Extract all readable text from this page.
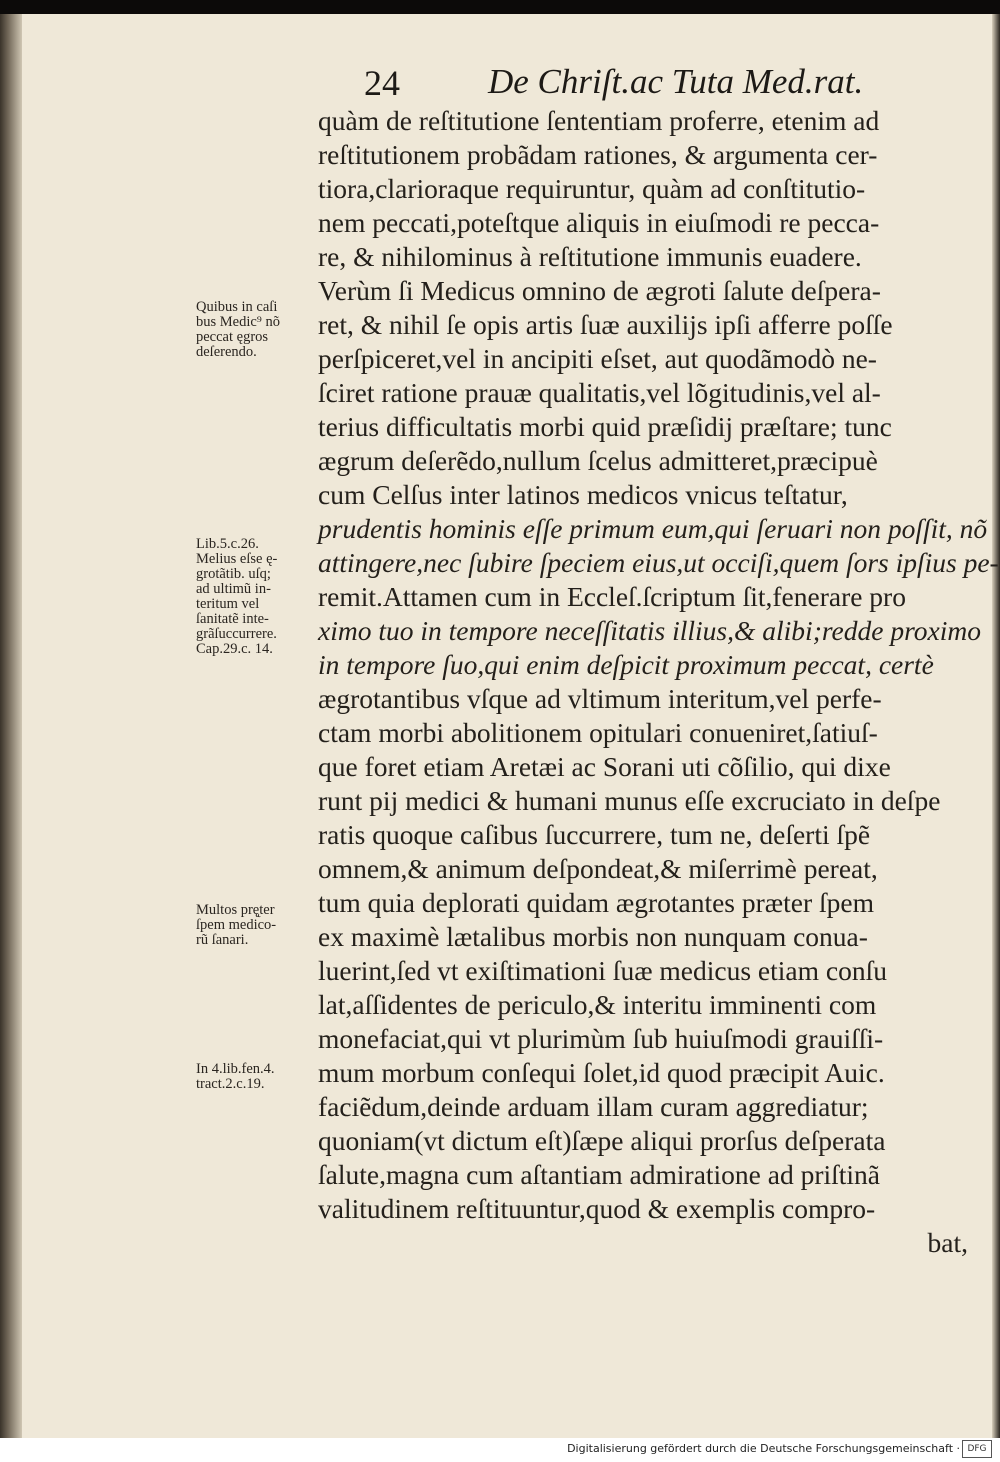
24	De Chriſt.ac Tuta Med.rat.
quàm de reſtitutione ſententiam proferre, etenim ad
reſtitutionem probãdam rationes, & argumenta cer-
tiora,clarioraque requiruntur, quàm ad conſtitutio-
nem peccati,poteſtque aliquis in eiuſmodi re pecca-
re, & nihilominus à reſtitutione immunis euadere.
Verùm ſi Medicus omnino de ægroti ſalute deſpera-
ret, & nihil ſe opis artis ſuæ auxilijs ipſi afferre poſſe
perſpiceret,vel in ancipiti eſset, aut quodãmodò ne-
ſciret ratione prauæ qualitatis,vel lõgitudinis,vel al-
terius difficultatis morbi quid præſidij præſtare; tunc
ægrum deſerẽdo,nullum ſcelus admitteret,præcipuè
cum Celſus inter latinos medicos vnicus teſtatur,
prudentis hominis eſſe primum eum,qui ſeruari non poſſit, nõ
attingere,nec ſubire ſpeciem eius,ut occiſi,quem ſors ipſius pe-
remit.Attamen cum in Eccleſ.ſcriptum ſit,fenerare pro
ximo tuo in tempore neceſſitatis illius,& alibi;redde proximo
in tempore ſuo,qui enim deſpicit proximum peccat, certè
ægrotantibus vſque ad vltimum interitum,vel perfe-
ctam morbi abolitionem opitulari conueniret,ſatiuſ-
que foret etiam Aretæi ac Sorani uti cõſilio, qui dixe
runt pij medici & humani munus eſſe excruciato in deſpe
ratis quoque caſibus ſuccurrere, tum ne, deſerti ſpẽ
omnem,& animum deſpondeat,& miſerrimè pereat,
tum quia deplorati quidam ægrotantes præter ſpem
ex maximè lætalibus morbis non nunquam conua-
luerint,ſed vt exiſtimationi ſuæ medicus etiam conſu
lat,aſſidentes de periculo,& interitu imminenti com
monefaciat,qui vt plurimùm ſub huiuſmodi grauiſſi-
mum morbum conſequi ſolet,id quod præcipit Auic.
faciẽdum,deinde arduam illam curam aggrediatur;
quoniam(vt dictum eſt)ſæpe aliqui prorſus deſperata
ſalute,magna cum aſtantiam admiratione ad priſtinã
valitudinem reſtituuntur,quod & exemplis compro-
bat,
Quibus in caſi
bus Medic⁹ nõ
peccat ęgros
deſerendo.
Lib.5.c.26.
Melius eſse ę-
grotãtib. uſq;
ad ultimũ in-
teritum vel
ſanitatẽ inte-
grãſuccurrere.
Cap.29.c. 14.
Multos prę̨ter
ſpem medico-
rũ ſanari.
In 4.lib.fen.4.
tract.2.c.19.
Digitalisierung gefördert durch die Deutsche Forschungsgemeinschaft · DFG
